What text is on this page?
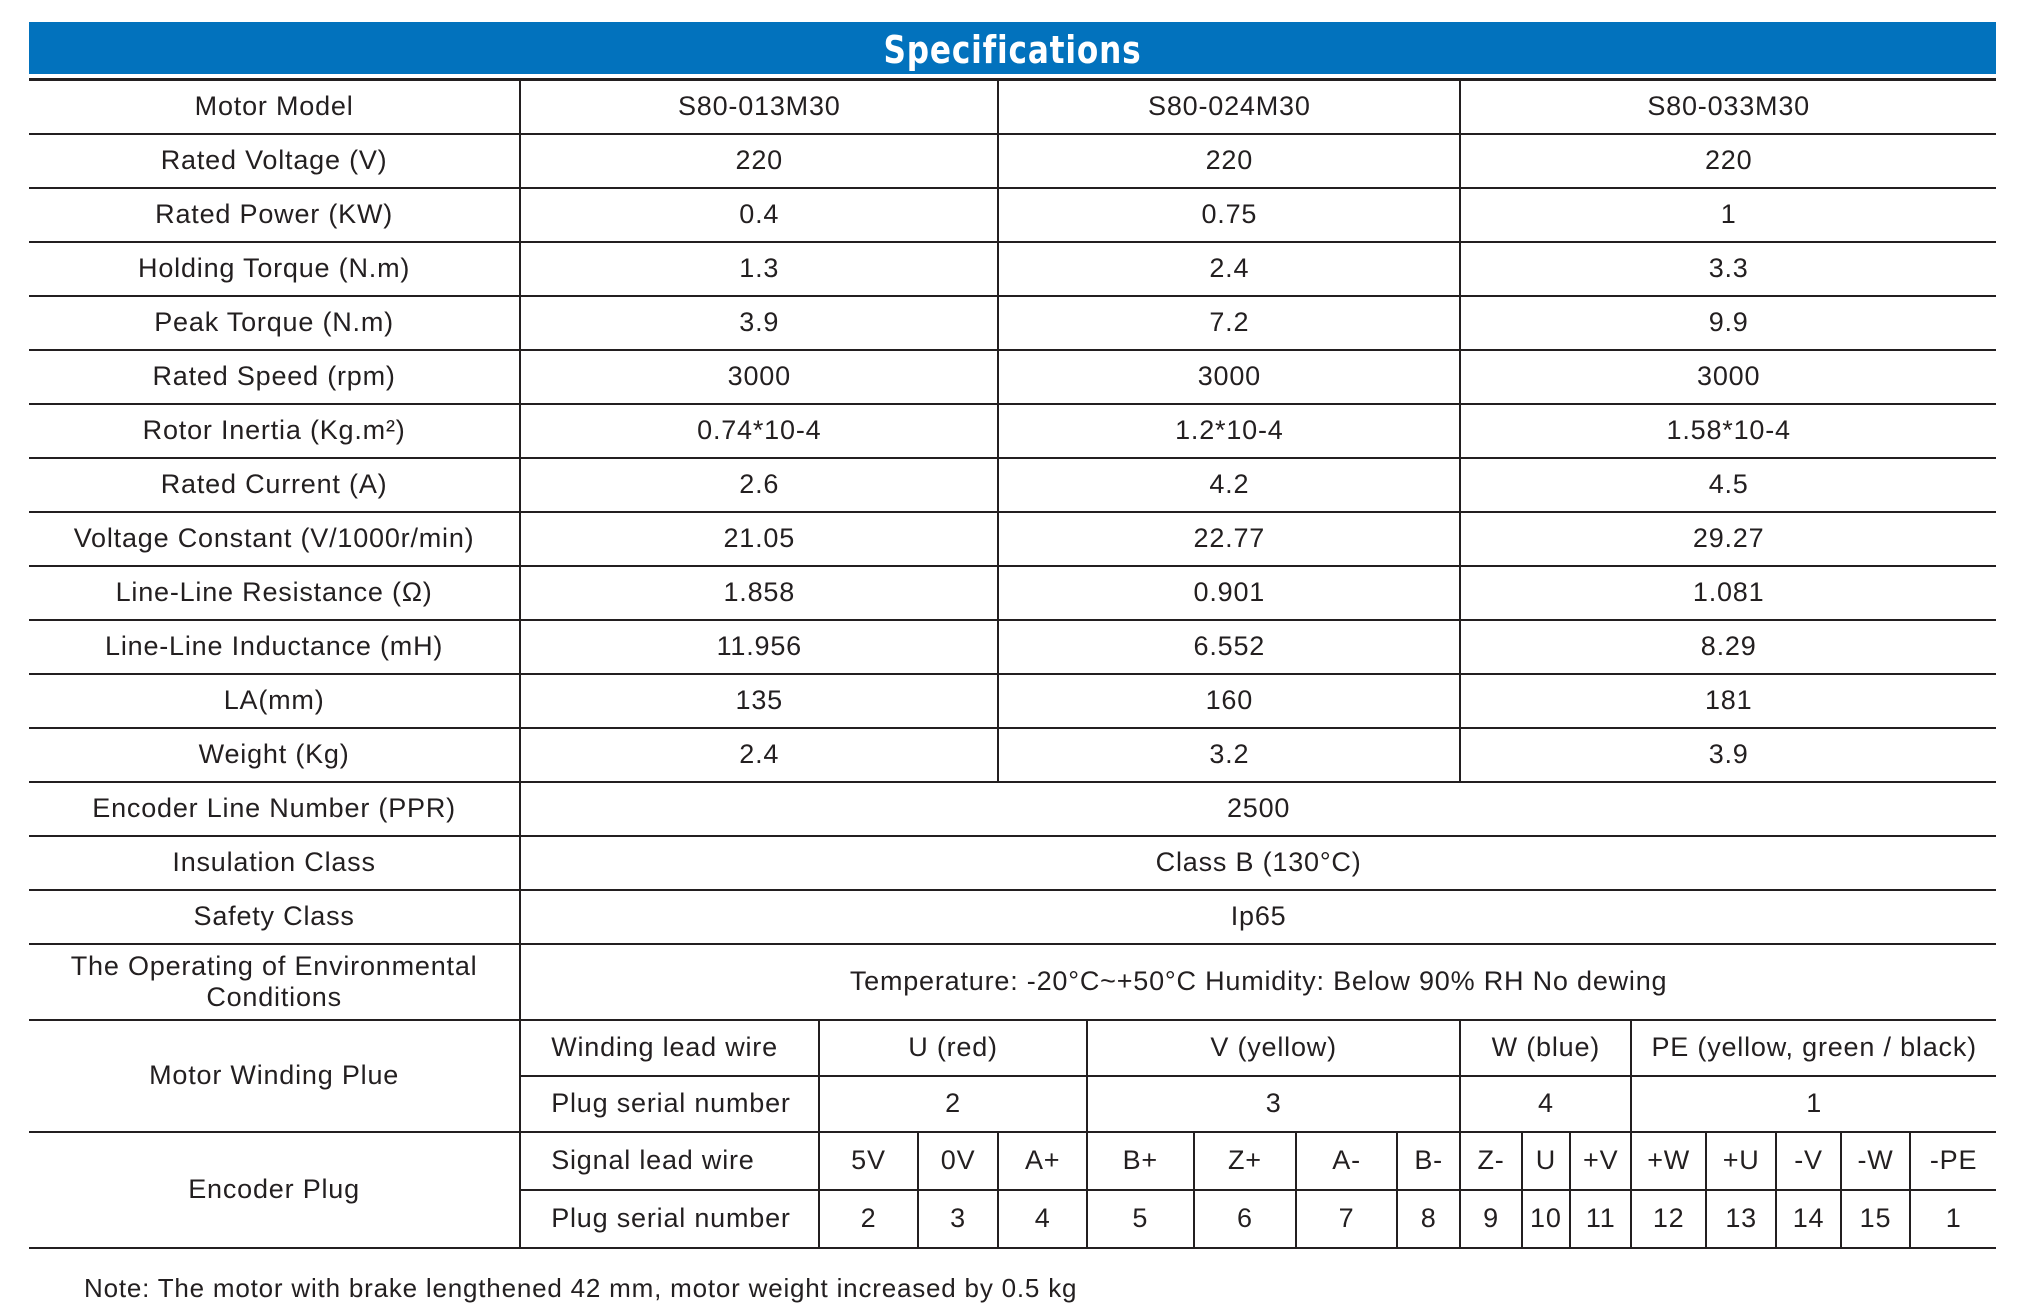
Specifications
Motor Model	S80-013M30			S80-024M30					S80-033M30							
Rated Voltage (V)	220			220					220							
Rated Power (KW)	0.4			0.75					1							
Holding Torque (N.m)	1.3			2.4					3.3							
Peak Torque (N.m)	3.9			7.2					9.9							
Rated Speed (rpm)	3000			3000					3000							
Rotor Inertia (Kg.m²)	0.74*10-4			1.2*10-4					1.58*10-4							
Rated Current (A)	2.6			4.2					4.5							
Voltage Constant (V/1000r/min)	21.05			22.77					29.27							
Line-Line Resistance (Ω)	1.858			0.901					1.081							
Line-Line Inductance (mH)	11.956			6.552					8.29							
LA(mm)	135			160					181							
Weight (Kg)	2.4			3.2					3.9							
Encoder Line Number (PPR)	2500															
Insulation Class	Class B (130°C)															
Safety Class	Ip65															
The Operating of Environmental Conditions	Temperature: -20°C~+50°C Humidity: Below 90% RH No dewing															
Motor Winding Plue	Winding lead wire	U (red)			V (yellow)				W (blue)			PE (yellow, green / black)				
	Plug serial number	2			3				4			1				
Encoder Plug	Signal lead wire	5V	0V	A+	B+	Z+	A-	B-	Z-	U	+V	+W	+U	-V	-W	-PE
	Plug serial number	2	3	4	5	6	7	8	9	10	11	12	13	14	15	1
Note: The motor with brake lengthened 42 mm, motor weight increased by 0.5 kg
